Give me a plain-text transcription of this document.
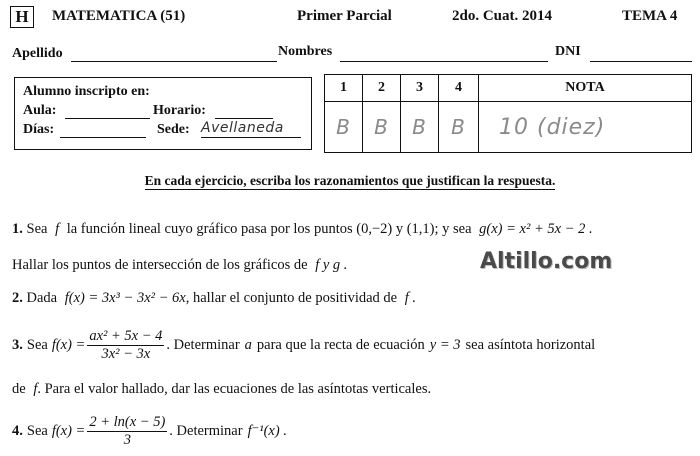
H	MATEMATICA (51)	Primer Parcial	2do. Cuat. 2014	TEMA 4
Apellido	Nombres	DNI
Alumno inscripto en:
Aula:	Horario:
Días:	Sede: Avellaneda
1	2	3	4	NOTA
B	B	B	B	10 (diez)
En cada ejercicio, escriba los razonamientos que justifican la respuesta.
1. Sea f la función lineal cuyo gráfico pasa por los puntos (0,−2) y (1,1); y sea g(x) = x² + 5x − 2 .
Hallar los puntos de intersección de los gráficos de f y g .	Altillo.com
2. Dada f(x) = 3x³ − 3x² − 6x, hallar el conjunto de positividad de f .
3. Sea $f(x) = \frac{\text{ax² + 5x − 4}}{\text{3x² − 3x}}$ . Determinar a para que la recta de ecuación y = 3 sea asíntota horizontal
de f. Para el valor hallado, dar las ecuaciones de las asíntotas verticales.
4. Sea $f(x) = \frac{2 + \ln(x - 5)}{3}$ . Determinar f⁻¹(x) .
